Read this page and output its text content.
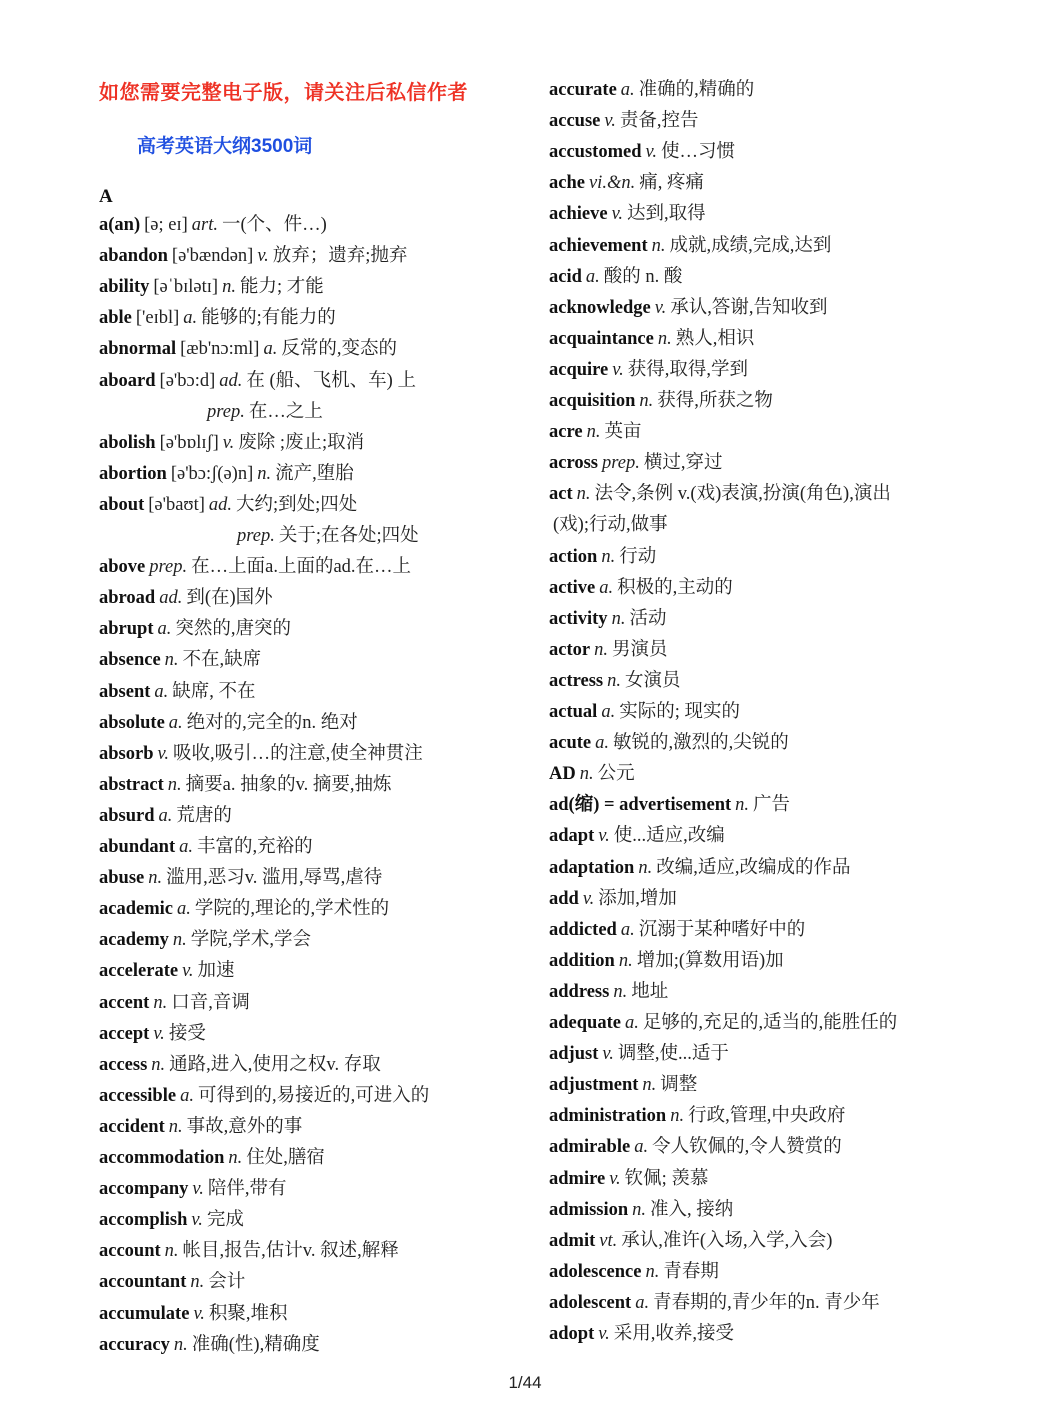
如您需要完整电子版，请关注后私信作者
高考英语大纲3500词
A
a(an) [ə; eɪ] art. 一(个、件…)
abandon [ə'bændən] v. 放弃；遗弃;抛弃
ability [əˈbɪlətɪ] n. 能力; 才能
able ['eɪbl] a. 能够的;有能力的
abnormal [æb'nɔ:ml] a. 反常的,变态的
aboard [ə'bɔ:d] ad. 在 (船、飞机、车) 上
prep. 在…之上
abolish [ə'bɒlɪʃ] v. 废除 ;废止;取消
abortion [ə'bɔ:ʃ(ə)n] n. 流产,堕胎
about [ə'baʊt] ad. 大约;到处;四处
prep. 关于;在各处;四处
above prep. 在…上面a.上面的ad.在…上
abroad ad. 到(在)国外
abrupt a. 突然的,唐突的
absence n. 不在,缺席
absent a. 缺席, 不在
absolute a. 绝对的,完全的n. 绝对
absorb v. 吸收,吸引…的注意,使全神贯注
abstract n. 摘要a. 抽象的v. 摘要,抽炼
absurd a. 荒唐的
abundant a. 丰富的,充裕的
abuse n. 滥用,恶习v. 滥用,辱骂,虐待
academic a. 学院的,理论的,学术性的
academy n. 学院,学术,学会
accelerate v. 加速
accent n. 口音,音调
accept v. 接受
access n. 通路,进入,使用之权v. 存取
accessible a. 可得到的,易接近的,可进入的
accident n. 事故,意外的事
accommodation n. 住处,膳宿
accompany v. 陪伴,带有
accomplish v. 完成
account n. 帐目,报告,估计v. 叙述,解释
accountant n. 会计
accumulate v. 积聚,堆积
accuracy n. 准确(性),精确度
accurate a. 准确的,精确的
accuse v. 责备,控告
accustomed v. 使…习惯
ache vi.&n. 痛, 疼痛
achieve v. 达到,取得
achievement n. 成就,成绩,完成,达到
acid a. 酸的 n. 酸
acknowledge v. 承认,答谢,告知收到
acquaintance n. 熟人,相识
acquire v. 获得,取得,学到
acquisition n. 获得,所获之物
acre n. 英亩
across prep. 横过,穿过
act n. 法令,条例 v.(戏)表演,扮演(角色),演出
(戏);行动,做事
action n. 行动
active a. 积极的,主动的
activity n. 活动
actor n. 男演员
actress n. 女演员
actual a. 实际的; 现实的
acute a. 敏锐的,激烈的,尖锐的
AD n. 公元
ad(缩) = advertisement n. 广告
adapt v. 使...适应,改编
adaptation n. 改编,适应,改编成的作品
add v. 添加,增加
addicted a. 沉溺于某种嗜好中的
addition n. 增加;(算数用语)加
address n. 地址
adequate a. 足够的,充足的,适当的,能胜任的
adjust v. 调整,使...适于
adjustment n. 调整
administration n. 行政,管理,中央政府
admirable a. 令人钦佩的,令人赞赏的
admire v. 钦佩; 羡慕
admission n. 准入, 接纳
admit vt. 承认,准许(入场,入学,入会)
adolescence n. 青春期
adolescent a. 青春期的,青少年的n. 青少年
adopt v. 采用,收养,接受
1/44
